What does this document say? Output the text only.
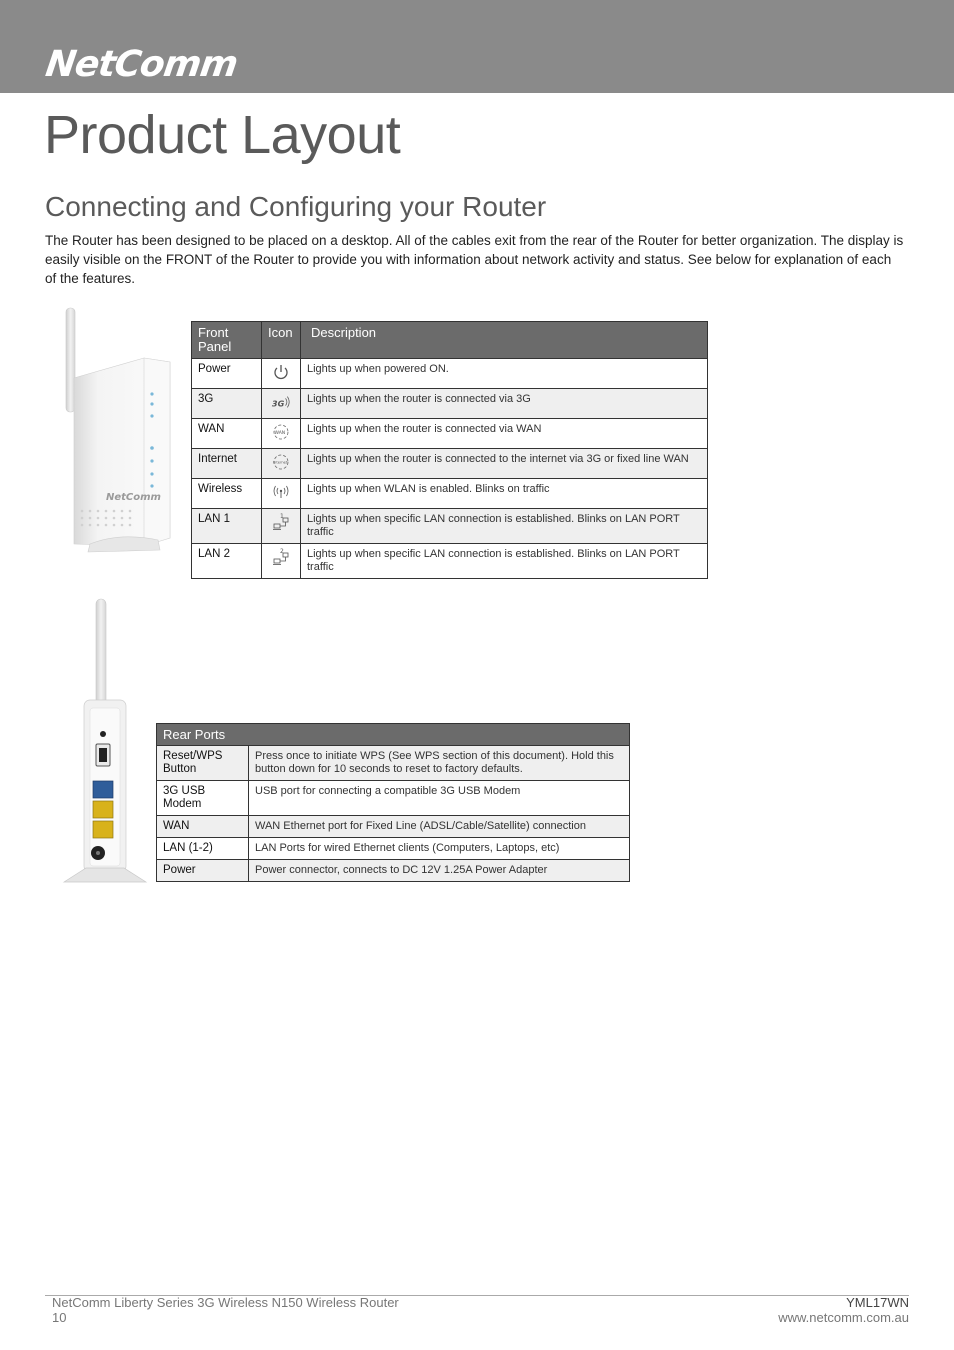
NetComm
Product Layout
Connecting and Configuring your Router

The Router has been designed to be placed on a desktop. All of the cables exit from the rear of the Router for better organization. The display is easily visible on the FRONT of the Router to provide you with information about network activity and status. See below for explanation of each of the features.

NetComm
Front Panel	Icon	Description
Power		Lights up when powered ON.
3G	3G	Lights up when the router is connected via 3G
WAN	WAN	Lights up when the router is connected via WAN
Internet	Internet	Lights up when the router is connected to the internet via 3G or fixed line WAN
Wireless		Lights up when WLAN is enabled. Blinks on traffic
LAN 1	1	Lights up when specific LAN connection is established. Blinks on LAN PORT traffic
LAN 2	2	Lights up when specific LAN connection is established. Blinks on LAN PORT traffic
Rear Ports	
Reset/WPS Button	Press once to initiate WPS (See WPS section of this document). Hold this button down for 10 seconds to reset to factory defaults.
3G USB Modem	USB port for connecting a compatible 3G USB Modem
WAN	WAN Ethernet port for Fixed Line (ADSL/Cable/Satellite) connection
LAN (1-2)	LAN Ports for wired Ethernet clients (Computers, Laptops, etc)
Power	Power connector, connects to DC 12V 1.25A Power Adapter
NetComm Liberty Series 3G Wireless N150 Wireless Router
10
YML17WN
www.netcomm.com.au
